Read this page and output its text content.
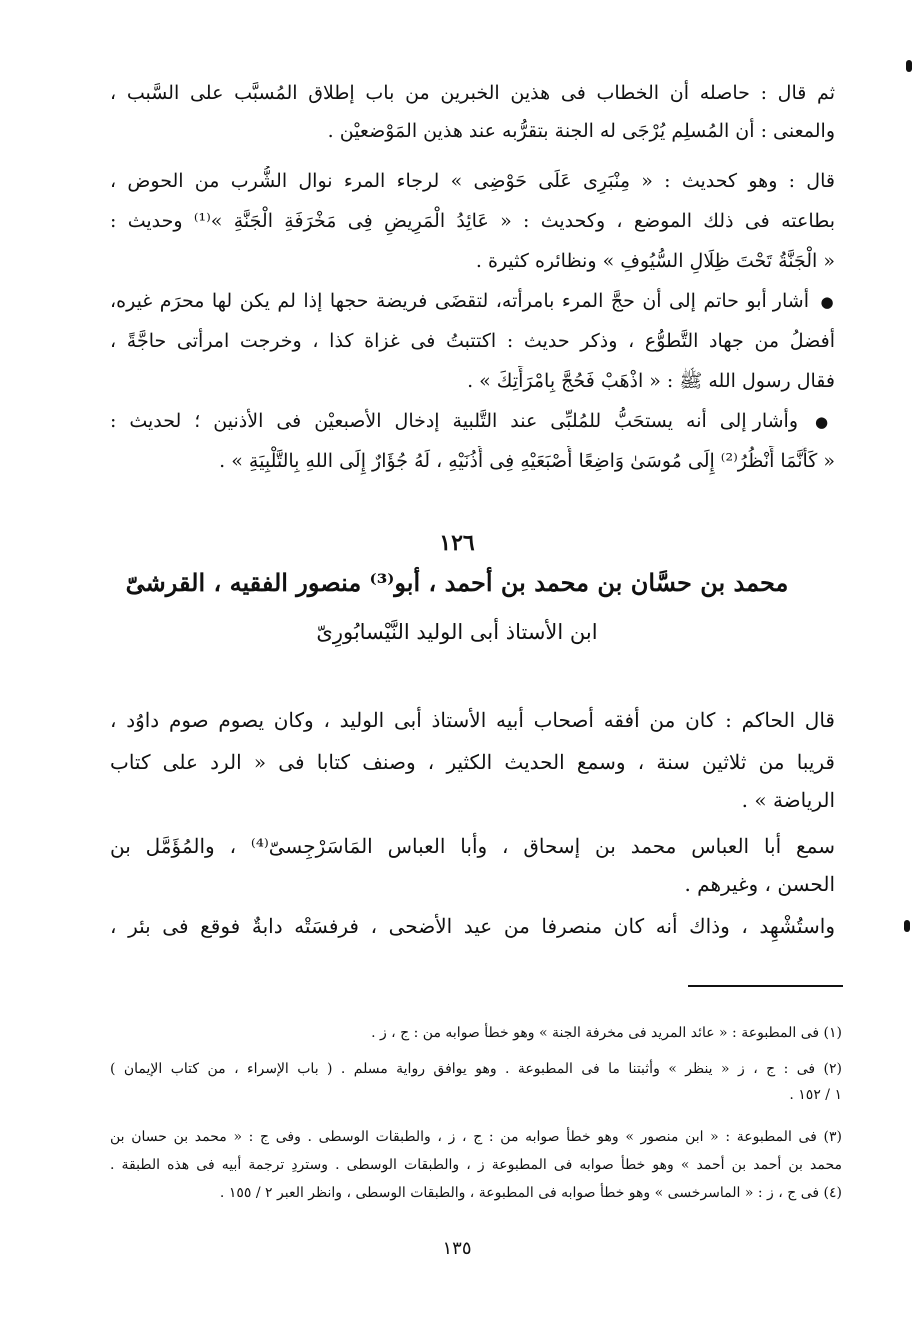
ثم قال : حاصله أن الخطاب فى هذين الخبرين من باب إطلاق المُسبَّب على السَّبب ،
والمعنى : أن المُسلِم يُرْجَى له الجنة بتقرُّبه عند هذين المَوْضعيْن .
قال : وهو كحديث : « مِنْبَرِى عَلَى حَوْضِى » لرجاء المرء نوال الشُّرب من الحوض ،
بطاعته فى ذلك الموضع ، وكحديث : « عَائِدُ الْمَرِيضِ فِى مَخْرَفَةِ الْجَنَّةِ »⁽¹⁾ وحديث :
« الْجَنَّةُ تَحْتَ ظِلَالِ السُّيُوفِ » ونظائره كثيرة .
● أشار أبو حاتم إلى أن حجَّ المرء بامرأته، لتقضَى فريضة حجها إذا لم يكن لها محرَم غيره،
أفضلُ من جهاد التَّطوُّع ، وذكر حديث : اكتتبتُ فى غزاة كذا ، وخرجت امرأتى حاجَّةً ،
فقال رسول الله ﷺ : « اذْهَبْ فَحُجَّ بِامْرَأَتِكَ » .
● وأشار إلى أنه يستحَبُّ للمُلبِّى عند التَّلبية إدخال الأصبعيْن فى الأذنين ؛ لحديث :
« كَأَنَّمَا أَنْظُرُ⁽²⁾ إِلَى مُوسَىٰ وَاضِعًا أُصْبَعَيْهِ فِى أُذُنَيْهِ ، لَهُ جُؤَارٌ إِلَى اللهِ بِالتَّلْبِيَةِ » .
١٢٦
محمد بن حسَّان بن محمد بن أحمد ، أبو⁽³⁾ منصور الفقيه ، القرشىّ
ابن الأستاذ أبى الوليد النَّيْسابُورِىّ
قال الحاكم : كان من أفقه أصحاب أبيه الأستاذ أبى الوليد ، وكان يصوم صوم داوُد ،
قريبا من ثلاثين سنة ، وسمع الحديث الكثير ، وصنف كتابا فى « الرد على كتاب
الرياضة » .
سمع أبا العباس محمد بن إسحاق ، وأبا العباس المَاسَرْجِسىّ⁽⁴⁾ ، والمُؤَمَّل بن
الحسن ، وغيرهم .
واستُشْهِد ، وذاك أنه كان منصرفا من عيد الأضحى ، فرفسَتْه دابةٌ فوقع فى بئر ،
(١) فى المطبوعة : « عائد المريد فى مخرفة الجنة » وهو خطأ صوابه من : ج ، ز .
(٢) فى : ج ، ز « ينظر » وأثبتنا ما فى المطبوعة . وهو يوافق رواية مسلم . ( باب الإسراء ، من كتاب الإيمان )
١ / ١٥٢ .
(٣) فى المطبوعة : « ابن منصور » وهو خطأ صوابه من : ج ، ز ، والطبقات الوسطى . وفى ج : « محمد بن حسان بن
محمد بن أحمد بن أحمد » وهو خطأ صوابه فى المطبوعة ز ، والطبقات الوسطى . وستردِ ترجمة أبيه فى هذه الطبقة .
(٤) فى ج ، ز : « الماسرخسى » وهو خطأ صوابه فى المطبوعة ، والطبقات الوسطى ، وانظر العبر ٢ / ١٥٥ .
١٣٥
